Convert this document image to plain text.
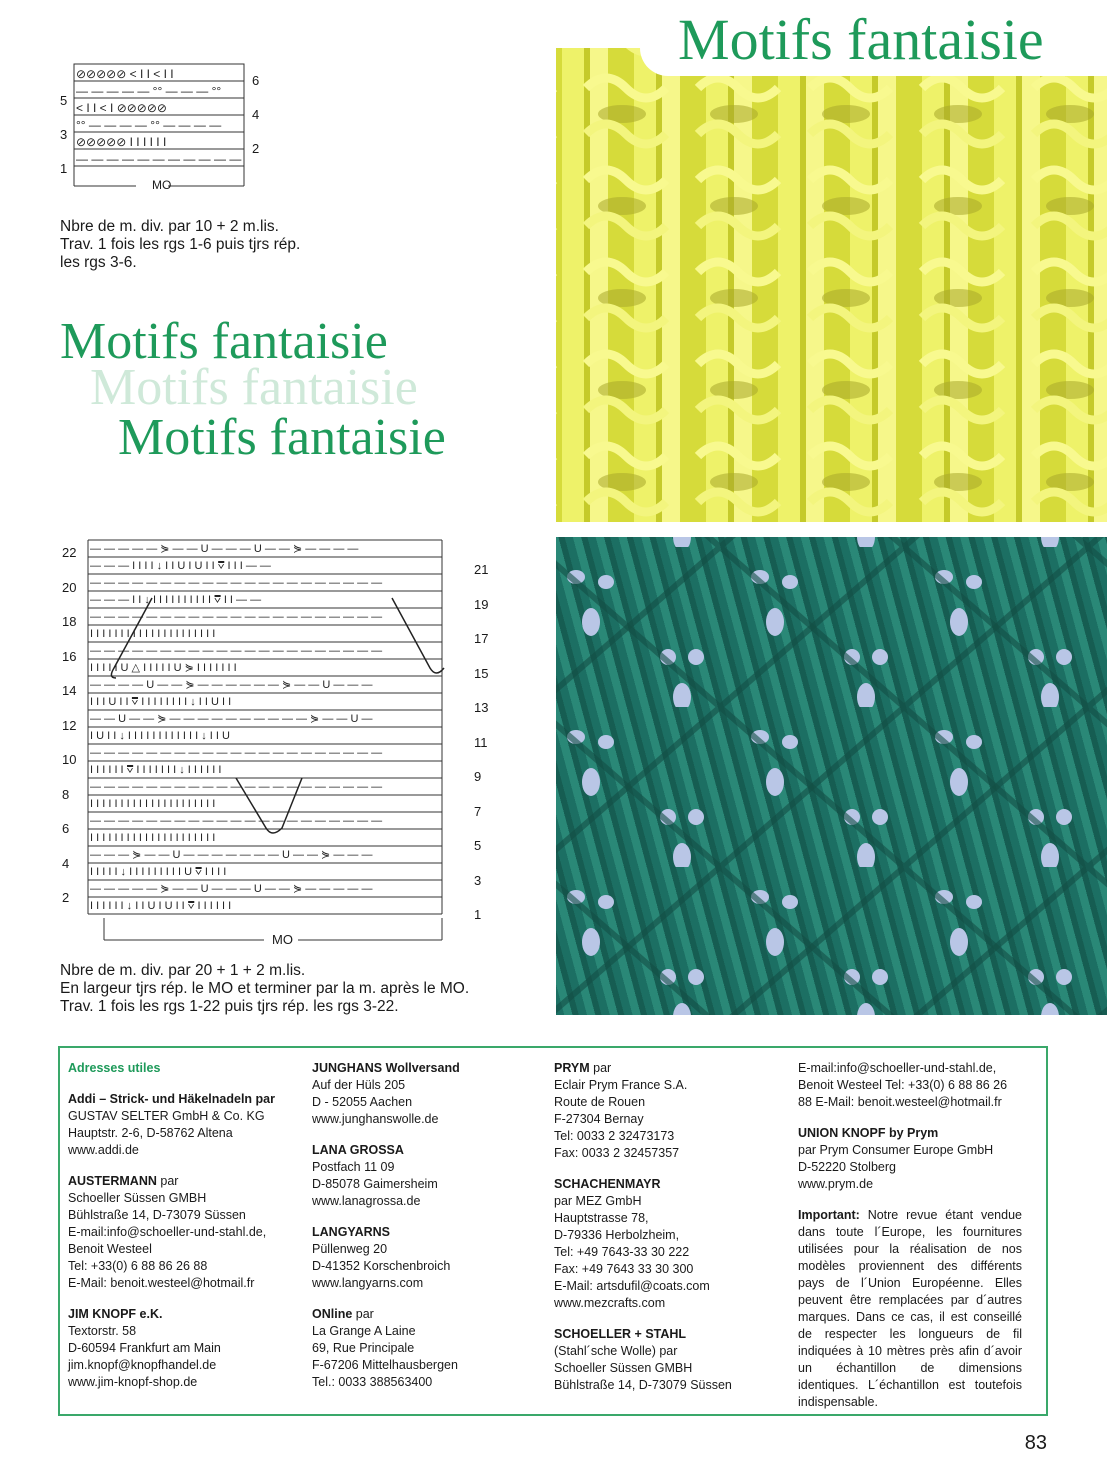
Motifs fantaisie
⊘⊘⊘⊘⊘ < I I < I I
— — — — — °° — — — °°
< I I < I ⊘⊘⊘⊘⊘
°° — — — — °° — — — —
⊘⊘⊘⊘⊘ I I I I I I
— — — — — — — — — — —
5
3
1
6
4
2
MO
Nbre de m. div. par 10 + 2 m.lis.
Trav. 1 fois les rgs 1-6 puis tjrs rép.
les rgs 3-6.
Motifs fantaisie
Motifs fantaisie
Motifs fantaisie
22
20
18
16
14
12
10
8
6
4
2
21
19
17
15
13
11
9
7
5
3
1
— — — — — ⋟ — — U — — — U — — ⋟ — — — —
— — — I I I I ↓ I I U I U I I ⩢ I I I — —
— — — — — — — — — — — — — — — — — — — — —
— — — I I ↓ I I I I I I I I I I ⩢ I I — —
— — — — — — — — — — — — — — — — — — — — —
I I I I I I I I I I I I I I I I I I I I I
— — — — — — — — — — — — — — — — — — — — —
I I I I I U △ I I I I I U ⋟ I I I I I I I
— — — — U — — ⋟ — — — — — — ⋟ — — U — — —
I I I U I I ⩢ I I I I I I I I ↓ I I U I I
— — U — — ⋟ — — — — — — — — — — ⋟ — — U —
I U I I ↓ I I I I I I I I I I I I ↓ I I U
— — — — — — — — — — — — — — — — — — — — —
I I I I I I ⩢ I I I I I I I ↓ I I I I I I
— — — — — — — — — — — — — — — — — — — — —
I I I I I I I I I I I I I I I I I I I I I
— — — — — — — — — — — — — — — — — — — — —
I I I I I I I I I I I I I I I I I I I I I
— — — ⋟ — — U — — — — — — — U — — ⋟ — — —
I I I I I ↓ I I I I I I I I I U ⩢ I I I I
— — — — — ⋟ — — U — — — U — — ⋟ — — — — —
I I I I I I ↓ I I U I U I I ⩢ I I I I I I
MO
Nbre de m. div. par 20 + 1 + 2 m.lis.
En largeur tjrs rép. le MO et terminer par la m. après le MO.
Trav. 1 fois les rgs 1-22 puis tjrs rép. les rgs 3-22.
Adresses utiles
Addi – Strick- und Häkelnadeln par
GUSTAV SELTER GmbH & Co. KG
Hauptstr. 2-6, D-58762 Altena
www.addi.de
AUSTERMANN par
Schoeller Süssen GMBH
Bühlstraße 14, D-73079 Süssen
E-mail:info@schoeller-und-stahl.de,
Benoit Westeel
Tel: +33(0) 6 88 86 26 88
E-Mail: benoit.westeel@hotmail.fr
JIM KNOPF e.K.
Textorstr. 58
D-60594 Frankfurt am Main
jim.knopf@knopfhandel.de
www.jim-knopf-shop.de
JUNGHANS Wollversand
Auf der Hüls 205
D - 52055 Aachen
www.junghanswolle.de
LANA GROSSA
Postfach 11 09
D-85078 Gaimersheim
www.lanagrossa.de
LANGYARNS
Püllenweg 20
D-41352 Korschenbroich
www.langyarns.com
ONline par
La Grange A Laine
69, Rue Principale
F-67206 Mittelhausbergen
Tel.: 0033 388563400
PRYM par
Eclair Prym France S.A.
Route de Rouen
F-27304 Bernay
Tel: 0033 2 32473173
Fax: 0033 2 32457357
SCHACHENMAYR
par MEZ GmbH
Hauptstrasse 78,
D-79336 Herbolzheim,
Tel: +49 7643-33 30 222
Fax: +49 7643 33 30 300
E-Mail: artsdufil@coats.com
www.mezcrafts.com
SCHOELLER + STAHL
(Stahl´sche Wolle) par
Schoeller Süssen GMBH
Bühlstraße 14, D-73079 Süssen
E-mail:info@schoeller-und-stahl.de,
Benoit Westeel Tel: +33(0) 6 88 86 26
88 E-Mail: benoit.westeel@hotmail.fr
UNION KNOPF by Prym
par Prym Consumer Europe GmbH
D-52220 Stolberg
www.prym.de
Important: Notre revue étant vendue dans toute l´Europe, les fournitures utilisées pour la réalisation de nos modèles proviennent des différents pays de l´Union Européenne. Elles peuvent être remplacées par d´autres marques. Dans ce cas, il est conseillé de respecter les longueurs de fil indiquées à 10 mètres près afin d´avoir un échantillon de dimensions identiques. L´échantillon est toutefois indispensable.
83
